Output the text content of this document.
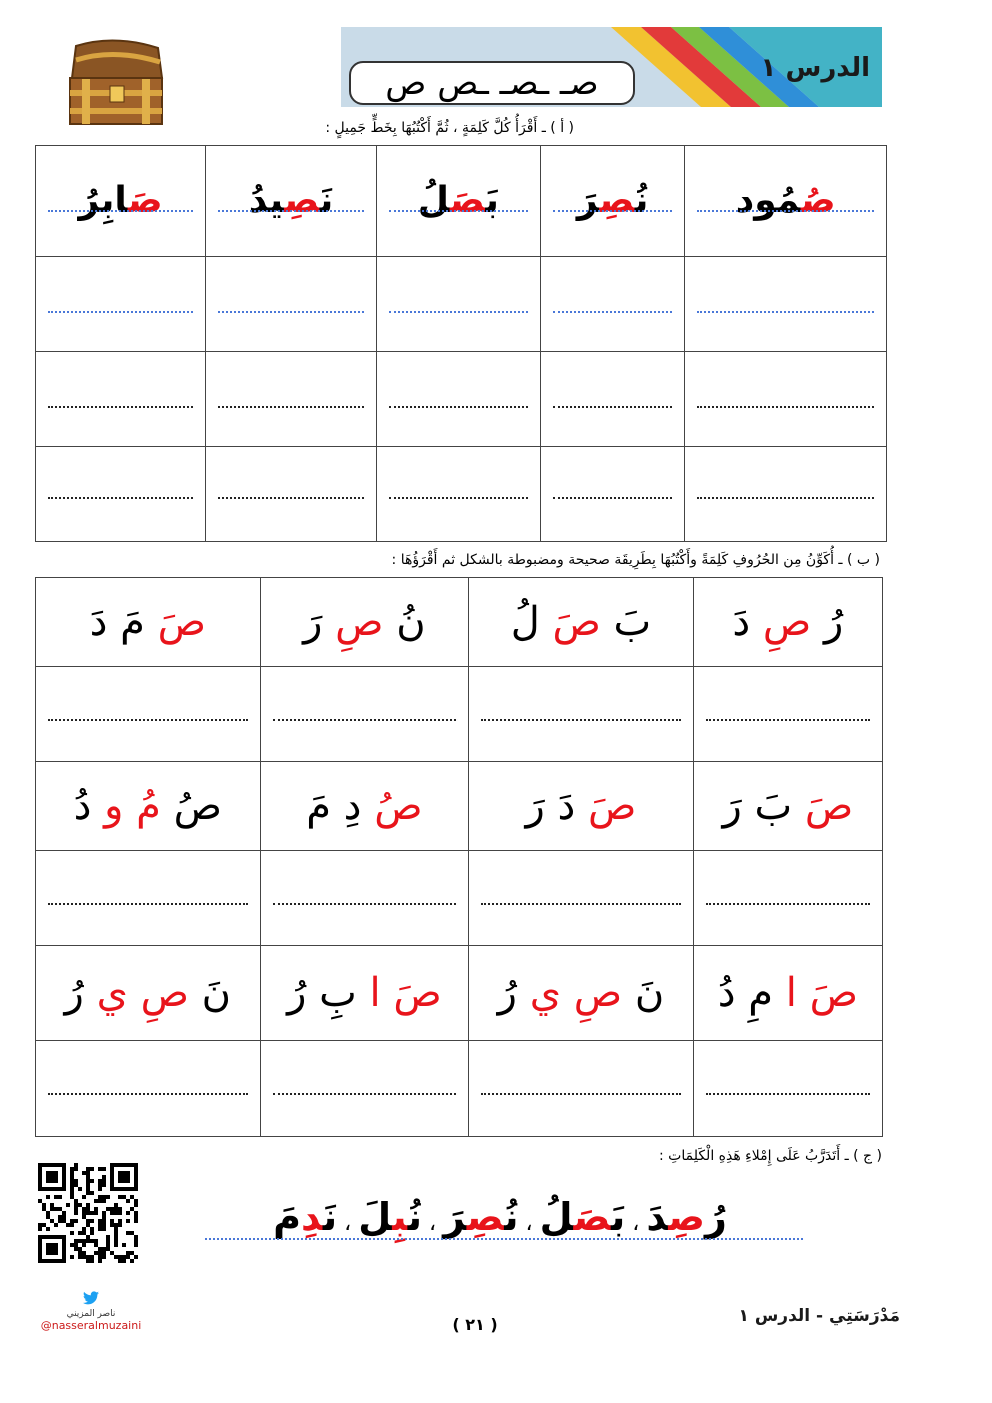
الدرس ١
صـ ـصـ ـص ص
( أ ) ـ أَقْرَأُ كُلَّ كَلِمَةٍ ، ثُمَّ أَكْتُبُهَا بِخَطٍّ جَمِيلٍ :
صُمُود	نُصِرَ	بَصَلُ	نَصِيدُ	صَابِرُ

( ب ) ـ أُكَوِّنُ مِن الحُرُوفِ كَلِمَةً وأَكْتُبُهَا بِطَرِيقَة صحيحة ومضبوطة بالشكل ثم أَقْرَؤُهَا :
رُ صِ دَ	بَ صَ لُ	نُ صِ رَ	صَ مَ دَ

صَ بَ رَ	صَ دَ رَ	صُ دِ مَ	صُ مُ و دُ

صَ ا مِ دُ	نَ صِ ي رُ	صَ ا بِ رُ	نَ صِ ي رُ

( ج ) ـ أَتَدَرَّبُ عَلَى إِمْلاءِ هَذِهِ الْكَلِمَاتِ :
رُصِدَ ، بَصَلُ ، نُصِرَ ، نُبِلَ ، نَدِمَ
ناصر المزيني
@nasseralmuzaini	( ٢١ )	مَدْرَسَتِي - الدرس ١
